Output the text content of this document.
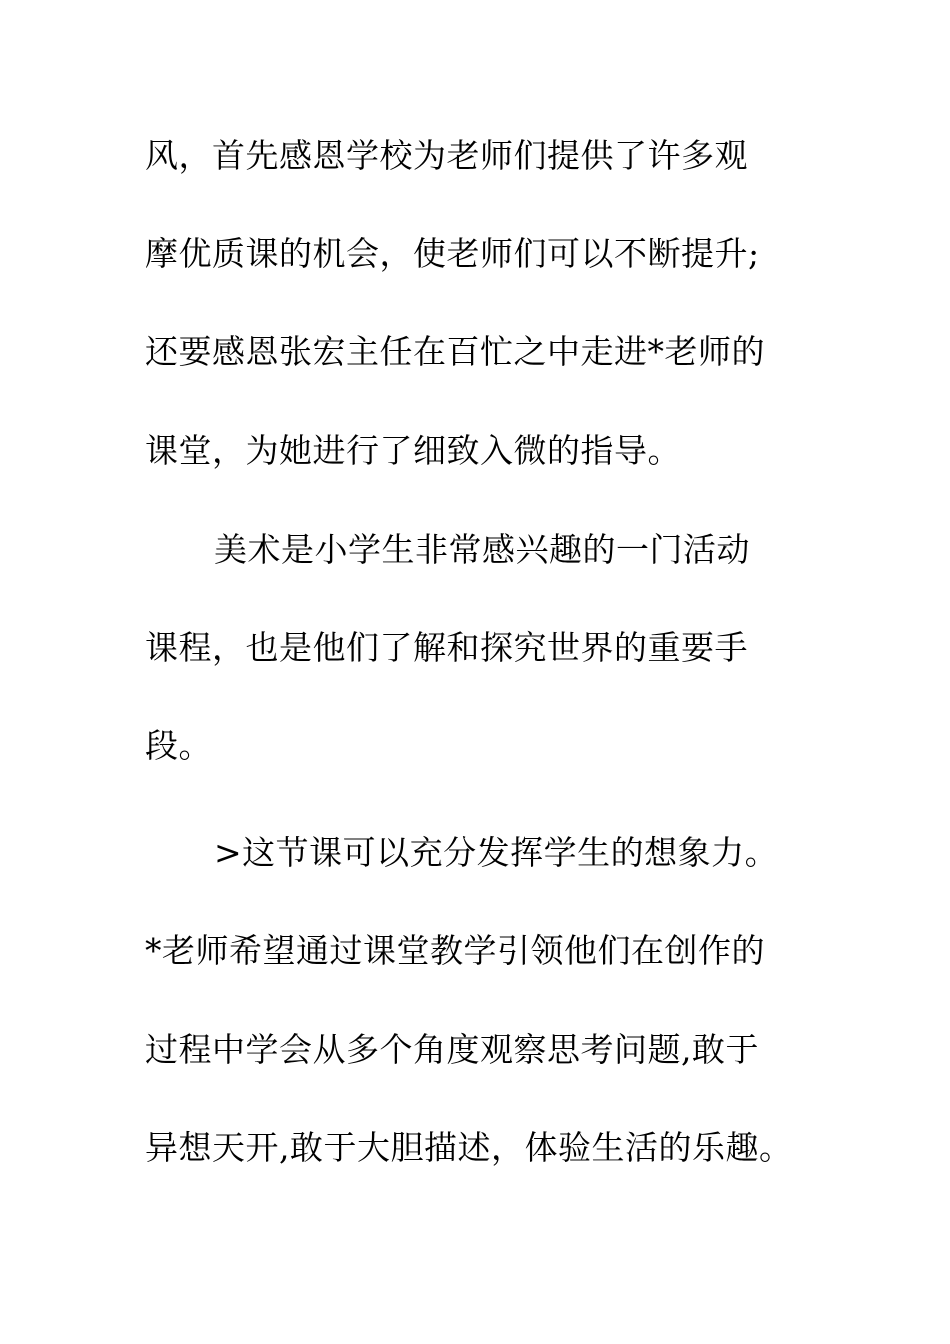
风，首先感恩学校为老师们提供了许多观
摩优质课的机会，使老师们可以不断提升;
还要感恩张宏主任在百忙之中走进*老师的
课堂，为她进行了细致入微的指导。
美术是小学生非常感兴趣的一门活动
课程，也是他们了解和探究世界的重要手
段。
>这节课可以充分发挥学生的想象力。
*老师希望通过课堂教学引领他们在创作的
过程中学会从多个角度观察思考问题,敢于
异想天开,敢于大胆描述，体验生活的乐趣。
